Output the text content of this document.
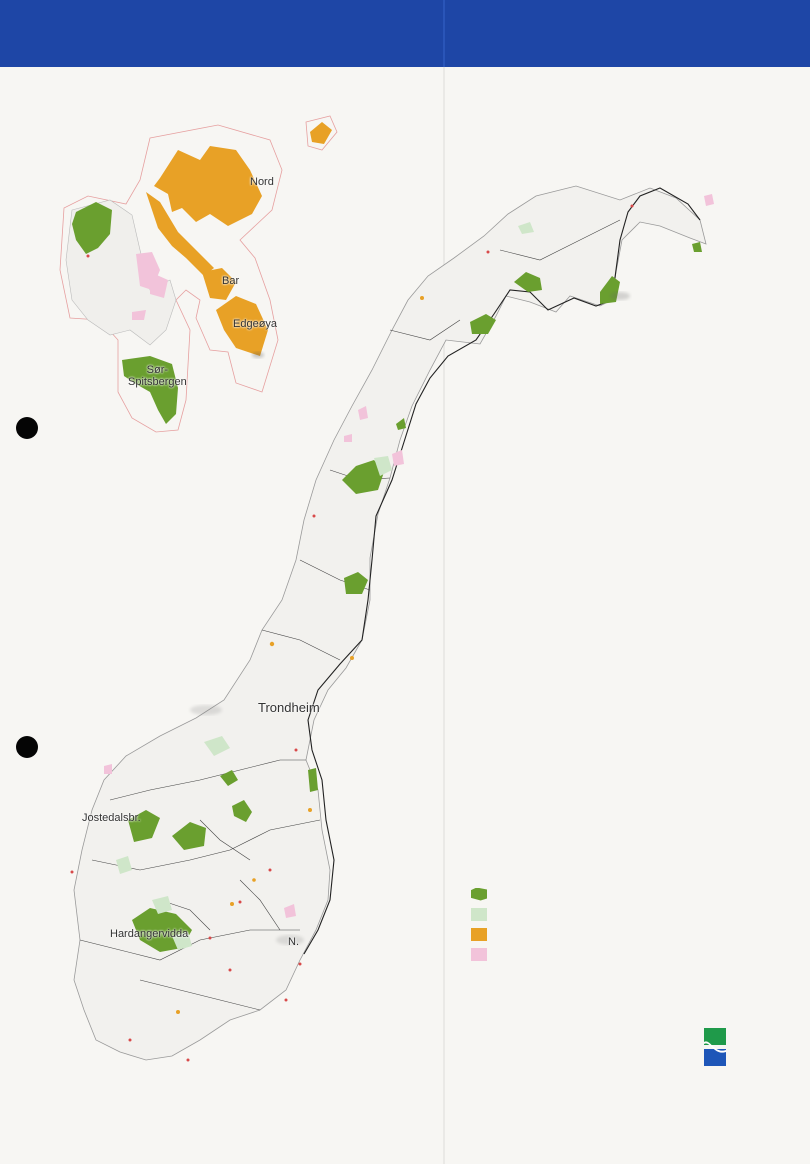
Nord
Bar
Edgeøya
Sør-
Spitsbergen
Trondheim
Hardangervidda
Jostedalsbr.
N.
